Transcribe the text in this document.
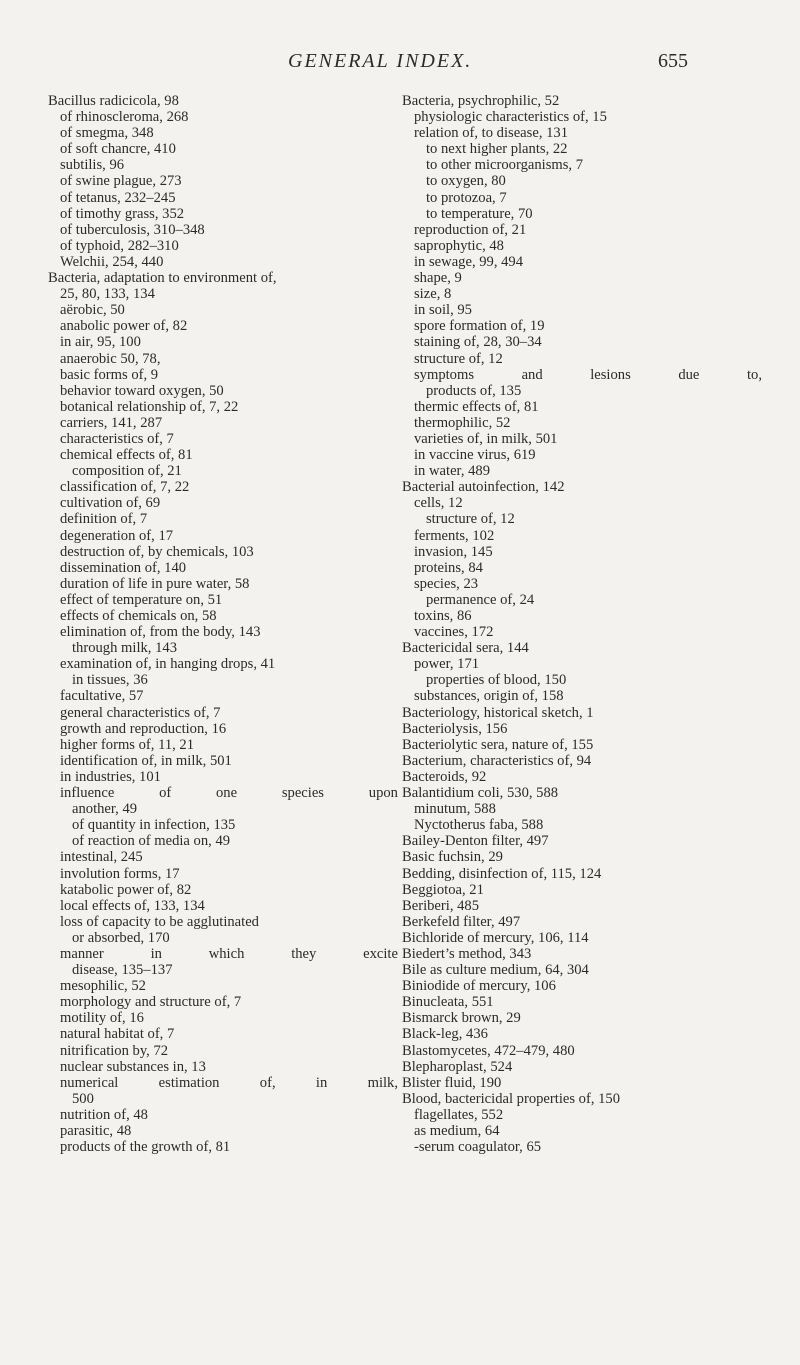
GENERAL INDEX.	655
Bacillus radicicola, 98
of rhinoscleroma, 268
of smegma, 348
of soft chancre, 410
subtilis, 96
of swine plague, 273
of tetanus, 232–245
of timothy grass, 352
of tuberculosis, 310–348
of typhoid, 282–310
Welchii, 254, 440
Bacteria, adaptation to environment of,
25, 80, 133, 134
aërobic, 50
anabolic power of, 82
in air, 95, 100
anaerobic 50, 78,
basic forms of, 9
behavior toward oxygen, 50
botanical relationship of, 7, 22
carriers, 141, 287
characteristics of, 7
chemical effects of, 81
composition of, 21
classification of, 7, 22
cultivation of, 69
definition of, 7
degeneration of, 17
destruction of, by chemicals, 103
dissemination of, 140
duration of life in pure water, 58
effect of temperature on, 51
effects of chemicals on, 58
elimination of, from the body, 143
through milk, 143
examination of, in hanging drops, 41
in tissues, 36
facultative, 57
general characteristics of, 7
growth and reproduction, 16
higher forms of, 11, 21
identification of, in milk, 501
in industries, 101
influence	of	one	species	upon
another, 49
of quantity in infection, 135
of reaction of media on, 49
intestinal, 245
involution forms, 17
katabolic power of, 82
local effects of, 133, 134
loss of capacity to be agglutinated
or absorbed, 170
manner	in	which	they	excite
disease, 135–137
mesophilic, 52
morphology and structure of, 7
motility of, 16
natural habitat of, 7
nitrification by, 72
nuclear substances in, 13
numerical	estimation	of,	in	milk,
500
nutrition of, 48
parasitic, 48
products of the growth of, 81
Bacteria, psychrophilic, 52
physiologic characteristics of, 15
relation of, to disease, 131
to next higher plants, 22
to other microorganisms, 7
to oxygen, 80
to protozoa, 7
to temperature, 70
reproduction of, 21
saprophytic, 48
in sewage, 99, 494
shape, 9
size, 8
in soil, 95
spore formation of, 19
staining of, 28, 30–34
structure of, 12
symptoms	and	lesions	due	to,
products of, 135
thermic effects of, 81
thermophilic, 52
varieties of, in milk, 501
in vaccine virus, 619
in water, 489
Bacterial autoinfection, 142
cells, 12
structure of, 12
ferments, 102
invasion, 145
proteins, 84
species, 23
permanence of, 24
toxins, 86
vaccines, 172
Bactericidal sera, 144
power, 171
properties of blood, 150
substances, origin of, 158
Bacteriology, historical sketch, 1
Bacteriolysis, 156
Bacteriolytic sera, nature of, 155
Bacterium, characteristics of, 94
Bacteroids, 92
Balantidium coli, 530, 588
minutum, 588
Nyctotherus faba, 588
Bailey-Denton filter, 497
Basic fuchsin, 29
Bedding, disinfection of, 115, 124
Beggiotoa, 21
Beriberi, 485
Berkefeld filter, 497
Bichloride of mercury, 106, 114
Biedert’s method, 343
Bile as culture medium, 64, 304
Biniodide of mercury, 106
Binucleata, 551
Bismarck brown, 29
Black-leg, 436
Blastomycetes, 472–479, 480
Blepharoplast, 524
Blister fluid, 190
Blood, bactericidal properties of, 150
flagellates, 552
as medium, 64
-serum coagulator, 65
